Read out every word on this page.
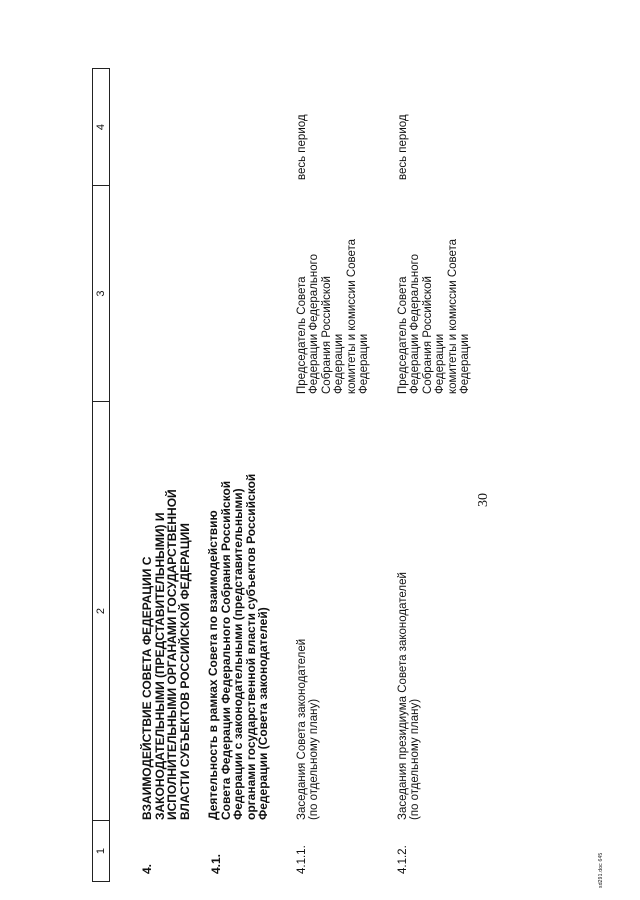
30
1
2
3
4
4.
ВЗАИМОДЕЙСТВИЕ СОВЕТА ФЕДЕРАЦИИ С
ЗАКОНОДАТЕЛЬНЫМИ (ПРЕДСТАВИТЕЛЬНЫМИ) И
ИСПОЛНИТЕЛЬНЫМИ ОРГАНАМИ ГОСУДАРСТВЕННОЙ
ВЛАСТИ СУБЪЕКТОВ РОССИЙСКОЙ ФЕДЕРАЦИИ
4.1.
Деятельность в рамках Совета по взаимодействию
Совета Федерации Федерального Собрания Российской
Федерации с законодательными (представительными)
органами государственной власти субъектов Российской
Федерации (Совета законодателей)
4.1.1.
Заседания Совета законодателей
(по отдельному плану)
Председатель Совета
Федерации Федерального
Собрания Российской
Федерации
комитеты и комиссии Совета
Федерации
весь период
4.1.2.
Заседания президиума Совета законодателей
(по отдельному плану)
Председатель Совета
Федерации Федерального
Собрания Российской
Федерации
комитеты и комиссии Совета
Федерации
весь период
sd291.doc 645
